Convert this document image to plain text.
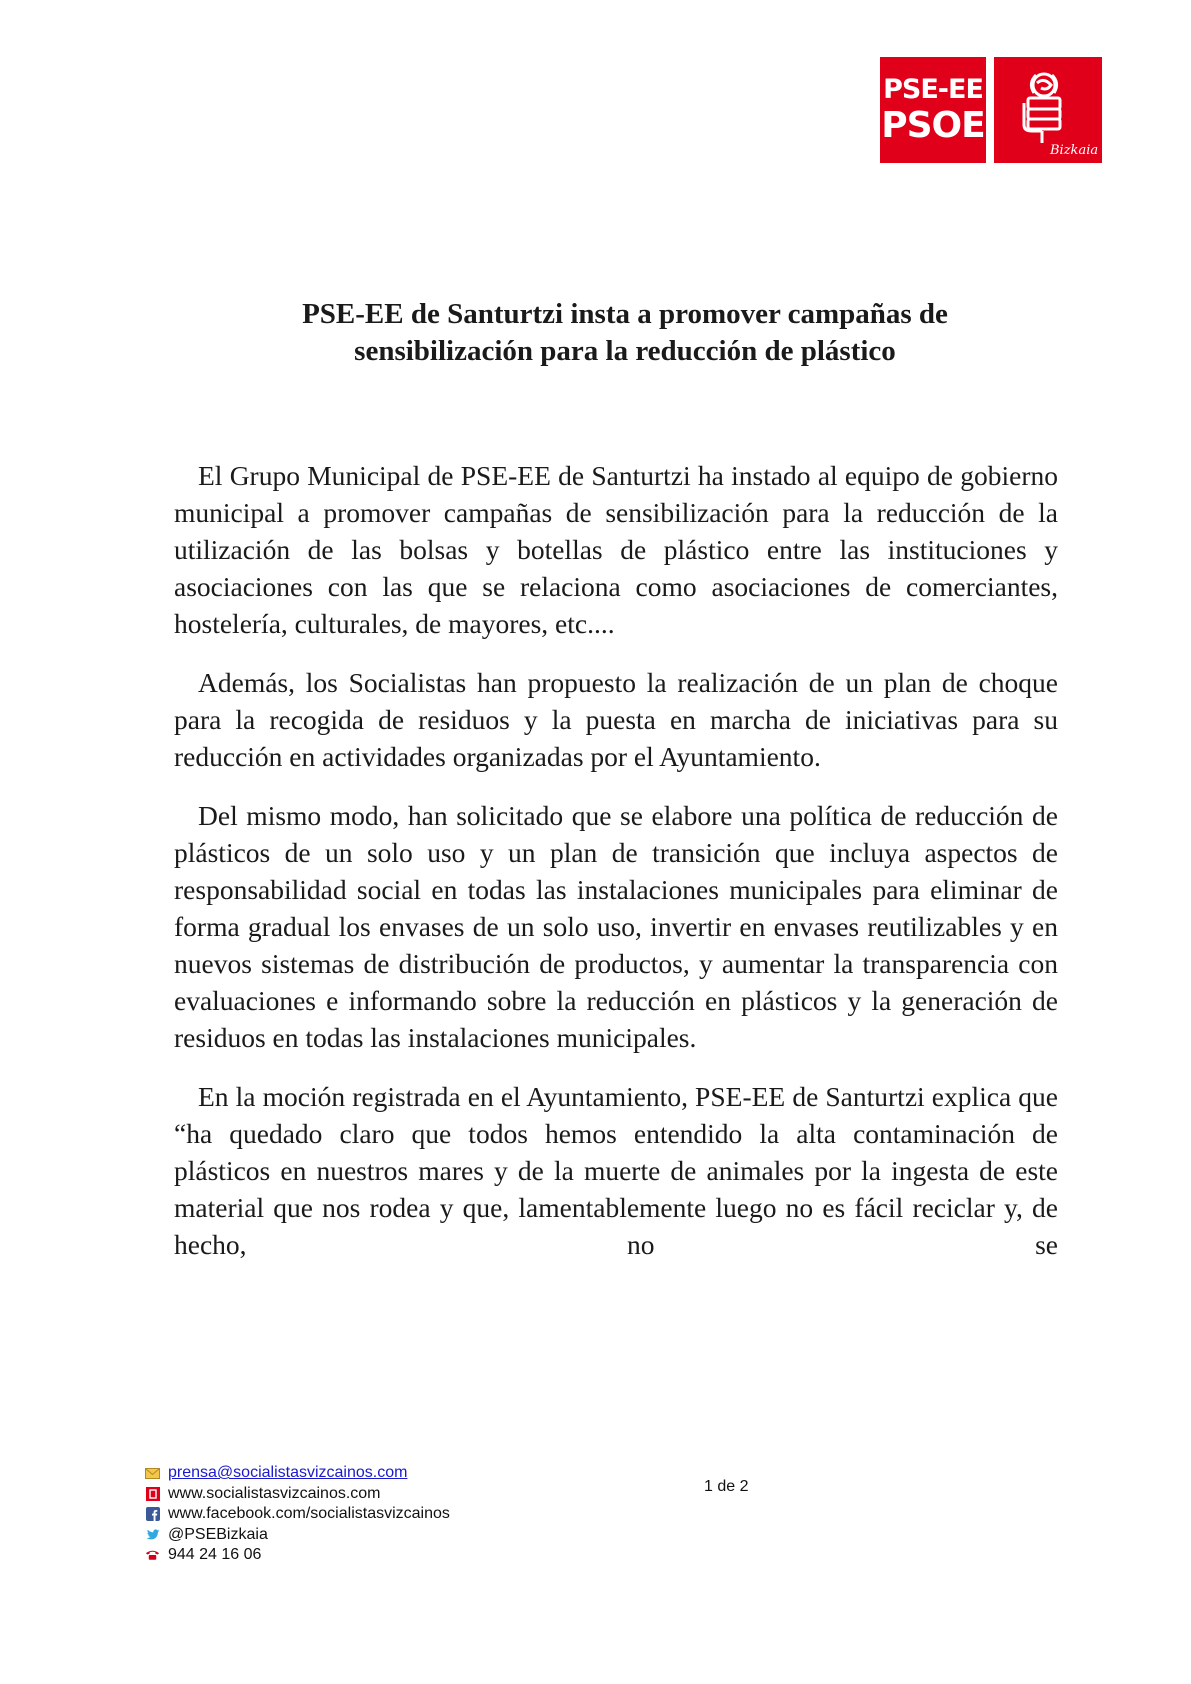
PSE-EE
PSOE
Bizkaia
PSE-EE de Santurtzi insta a promover campañas de
sensibilización para la reducción de plástico

El Grupo Municipal de PSE-EE de Santurtzi ha instado al equipo de gobierno municipal a promover campañas de sensibilización para la reducción de la utilización de las bolsas y botellas de plástico entre las instituciones y asociaciones con las que se relaciona como asociaciones de comerciantes, hostelería, culturales, de mayores, etc....

Además, los Socialistas han propuesto la realización de un plan de choque para la recogida de residuos y la puesta en marcha de iniciativas para su reducción en actividades organizadas por el Ayuntamiento.

Del mismo modo, han solicitado que se elabore una política de reducción de plásticos de un solo uso y un plan de transición que incluya aspectos de responsabilidad social en todas las instalaciones municipales para eliminar de forma gradual los envases de un solo uso, invertir en envases reutilizables y en nuevos sistemas de distribución de productos, y aumentar la transparencia con evaluaciones e informando sobre la reducción en plásticos y la generación de residuos en todas las instalaciones municipales.

En la moción registrada en el Ayuntamiento, PSE-EE de Santurtzi explica que “ha quedado claro que todos hemos entendido la alta contaminación de plásticos en nuestros mares y de la muerte de animales por la ingesta de este material que nos rodea y que, lamentablemente luego no es fácil reciclar y, de hecho, no se

prensa@socialistasvizcainos.com
www.socialistasvizcainos.com
www.facebook.com/socialistasvizcainos
@PSEBizkaia
944 24 16 06
1 de 2
